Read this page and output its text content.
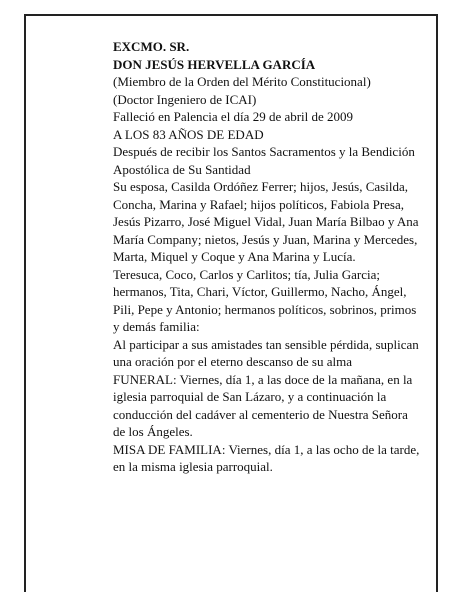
EXCMO. SR.

DON JESÚS HERVELLA GARCÍA

(Miembro de la Orden del Mérito Constitucional)

(Doctor Ingeniero de ICAI)

Falleció en Palencia el día 29 de abril de 2009

A LOS 83 AÑOS DE EDAD

Después de recibir los Santos Sacramentos y la Bendición Apostólica de Su Santidad

Su esposa, Casilda Ordóñez Ferrer; hijos, Jesús, Casilda, Concha, Marina y Rafael; hijos políticos, Fabiola Presa, Jesús Pizarro, José Miguel Vidal, Juan María Bilbao y Ana María Company; nietos, Jesús y Juan, Marina y Mercedes, Marta, Miquel y Coque y Ana Marina y Lucía.

Teresuca, Coco, Carlos y Carlitos; tía, Julia Garcia; hermanos, Tita, Chari, Víctor, Guillermo, Nacho, Ángel, Pili, Pepe y Antonio; hermanos políticos, sobrinos, primos y demás familia:

Al participar a sus amistades tan sensible pérdida, suplican una oración por el eterno descanso de su alma

FUNERAL: Viernes, día 1, a las doce de la mañana, en la iglesia parroquial de San Lázaro, y a continuación la conducción del cadáver al cementerio de Nuestra Señora de los Ángeles.

MISA DE FAMILIA: Viernes, día 1, a las ocho de la tarde, en la misma iglesia parroquial.
